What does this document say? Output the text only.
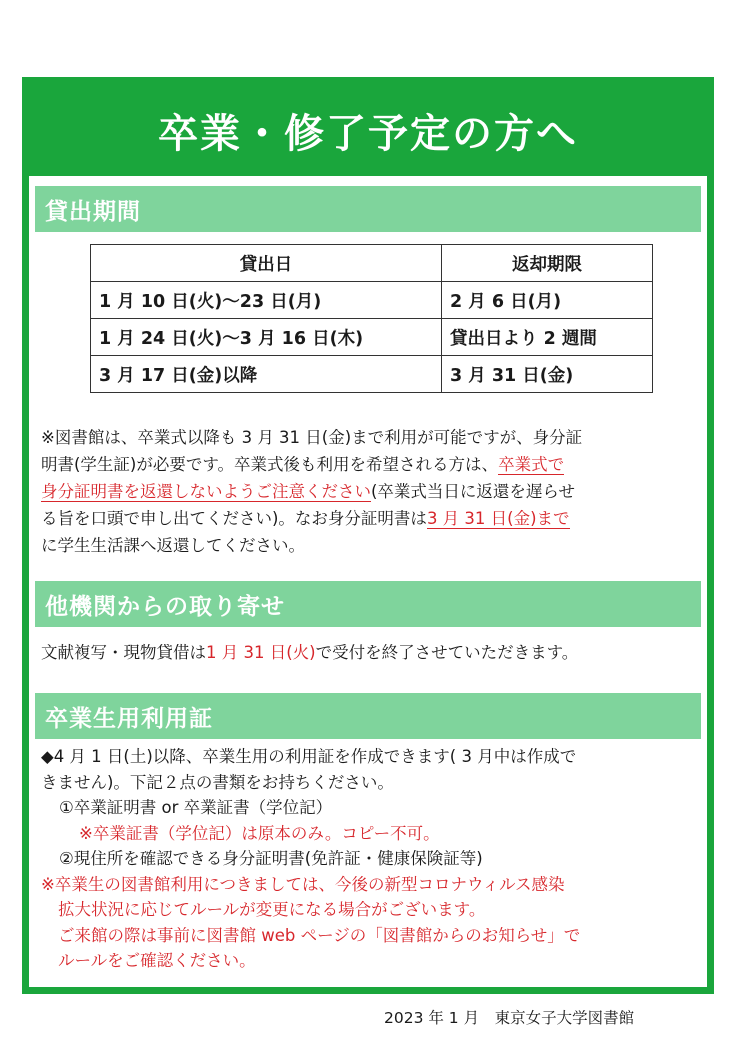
卒業・修了予定の方へ
貸出期間
貸出日	返却期限
1 月 10 日(火)～23 日(月)	2 月 6 日(月)
1 月 24 日(火)～3 月 16 日(木)	貸出日より 2 週間
3 月 17 日(金)以降	3 月 31 日(金)
※図書館は、卒業式以降も 3 月 31 日(金)まで利用が可能ですが、身分証
明書(学生証)が必要です。卒業式後も利用を希望される方は、卒業式で
身分証明書を返還しないようご注意ください(卒業式当日に返還を遅らせ
る旨を口頭で申し出てください)。なお身分証明書は3 月 31 日(金)まで
に学生生活課へ返還してください。
他機関からの取り寄せ
文献複写・現物貸借は1 月 31 日(火)で受付を終了させていただきます。
卒業生用利用証
◆4 月 1 日(土)以降、卒業生用の利用証を作成できます( 3 月中は作成で
きません)。下記２点の書類をお持ちください。
①卒業証明書 or 卒業証書（学位記）
※卒業証書（学位記）は原本のみ。コピー不可。
②現住所を確認できる身分証明書(免許証・健康保険証等)
※卒業生の図書館利用につきましては、今後の新型コロナウィルス感染
拡大状況に応じてルールが変更になる場合がございます。
ご来館の際は事前に図書館 web ページの「図書館からのお知らせ」で
ルールをご確認ください。
2023 年 1 月　東京女子大学図書館
